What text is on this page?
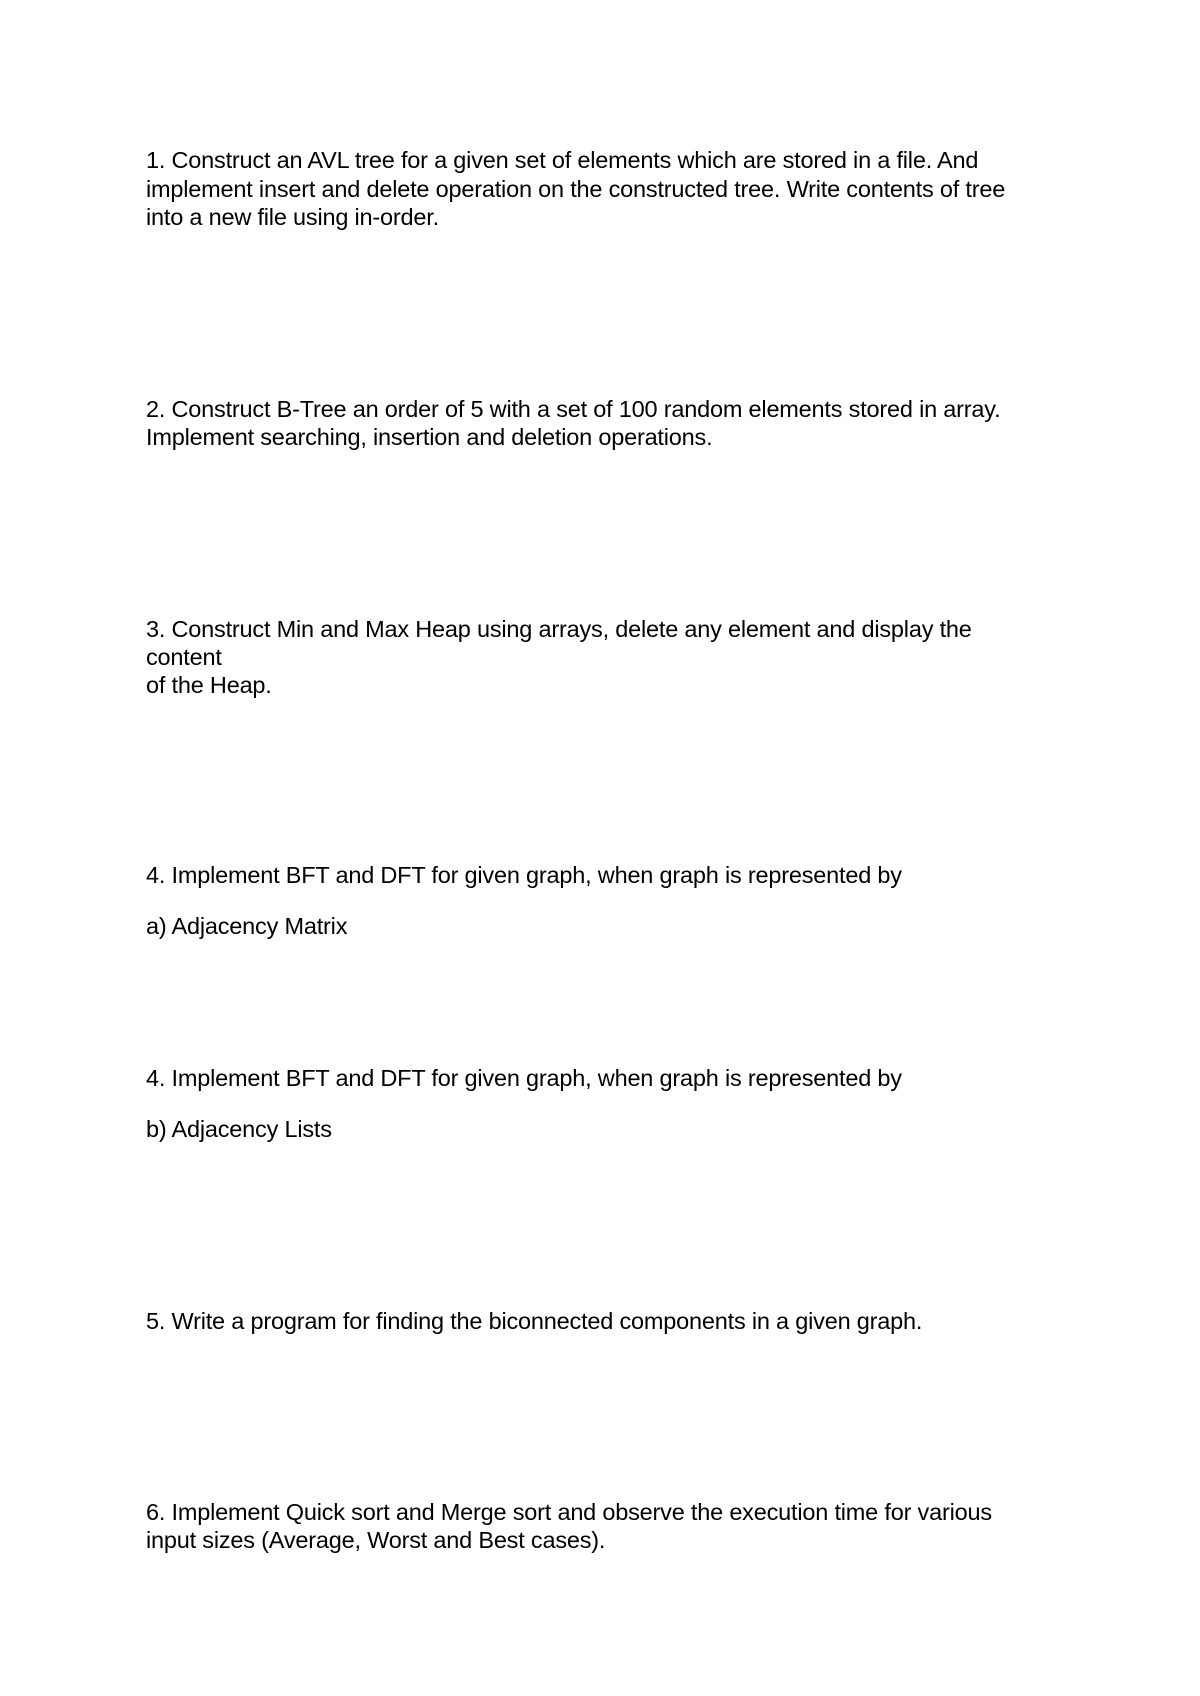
1. Construct an AVL tree for a given set of elements which are stored in a file. And
implement insert and delete operation on the constructed tree. Write contents of tree
into a new file using in-order.
2. Construct B-Tree an order of 5 with a set of 100 random elements stored in array.
Implement searching, insertion and deletion operations.
3. Construct Min and Max Heap using arrays, delete any element and display the
content
of the Heap.
4. Implement BFT and DFT for given graph, when graph is represented by
a) Adjacency Matrix
4. Implement BFT and DFT for given graph, when graph is represented by
b) Adjacency Lists
5. Write a program for finding the biconnected components in a given graph.
6. Implement Quick sort and Merge sort and observe the execution time for various
input sizes (Average, Worst and Best cases).
